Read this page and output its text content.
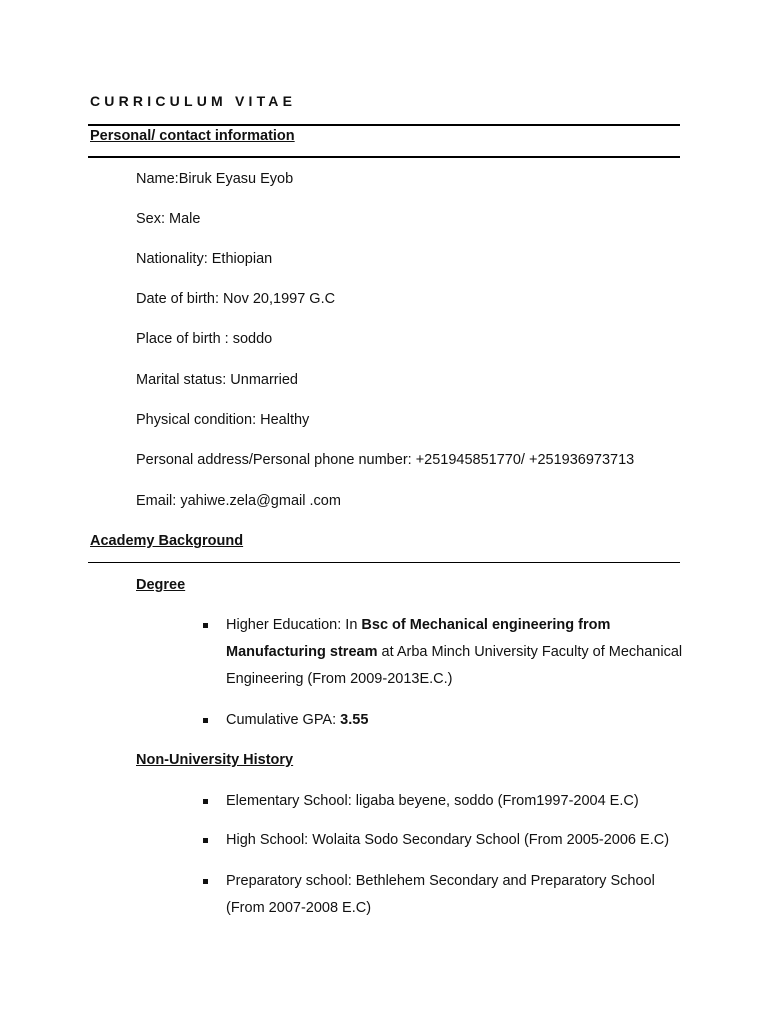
CURRICULUM VITAE
Personal/ contact information
Name:Biruk Eyasu Eyob
Sex: Male
Nationality: Ethiopian
Date of birth: Nov 20,1997 G.C
Place of birth : soddo
Marital status: Unmarried
Physical condition: Healthy
Personal address/Personal phone number: +251945851770/ +251936973713
Email: yahiwe.zela@gmail .com
Academy Background
Degree
Higher Education: In Bsc of Mechanical engineering from Manufacturing stream at Arba Minch University Faculty of Mechanical Engineering (From 2009-2013E.C.)
Cumulative GPA: 3.55
Non-University History
Elementary School: ligaba beyene, soddo (From1997-2004 E.C)
High School: Wolaita Sodo Secondary School (From 2005-2006 E.C)
Preparatory school: Bethlehem Secondary and Preparatory School (From 2007-2008 E.C)
